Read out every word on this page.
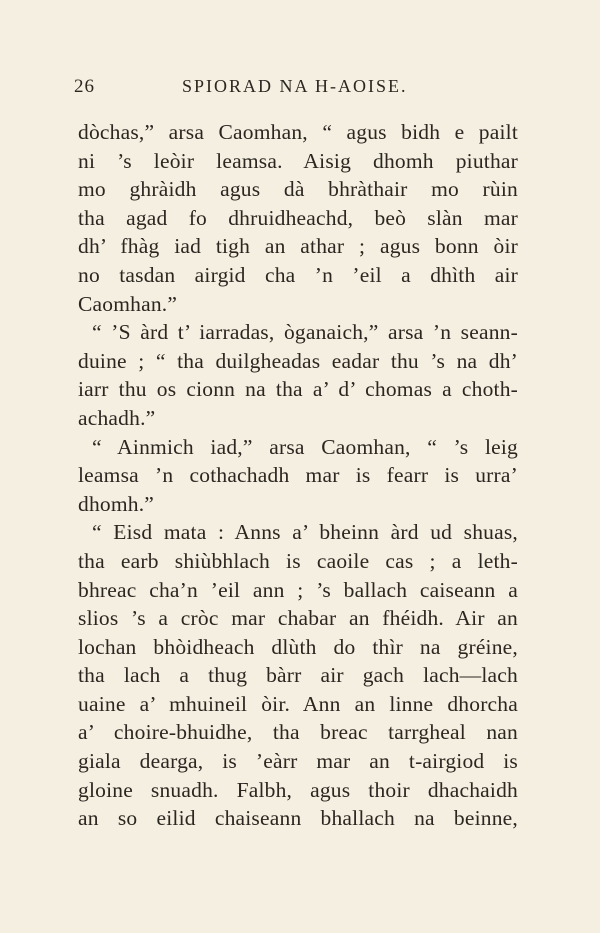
26	SPIORAD NA H-AOISE.
dòchas,” arsa Caomhan, “ agus bidh e pailt
ni ’s leòir leamsa. Aisig dhomh piuthar
mo ghràidh agus dà bhràthair mo rùin
tha agad fo dhruidheachd, beò slàn mar
dh’ fhàg iad tigh an athar ; agus bonn òir
no tasdan airgid cha ’n ’eil a dhìth air
Caomhan.”
“ ’S àrd t’ iarradas, òganaich,” arsa ’n seann-
duine ; “ tha duilgheadas eadar thu ’s na dh’
iarr thu os cionn na tha a’ d’ chomas a choth-
achadh.”
“ Ainmich iad,” arsa Caomhan, “ ’s leig
leamsa ’n cothachadh mar is fearr is urra’
dhomh.”
“ Eisd mata : Anns a’ bheinn àrd ud shuas,
tha earb shiùbhlach is caoile cas ; a leth-
bhreac cha’n ’eil ann ; ’s ballach caiseann a
slios ’s a cròc mar chabar an fhéidh. Air an
lochan bhòidheach dlùth do thìr na gréine,
tha lach a thug bàrr air gach lach—lach
uaine a’ mhuineil òir. Ann an linne dhorcha
a’ choire-bhuidhe, tha breac tarrgheal nan
giala dearga, is ’eàrr mar an t-airgiod is
gloine snuadh. Falbh, agus thoir dhachaidh
an so eilid chaiseann bhallach na beinne,
